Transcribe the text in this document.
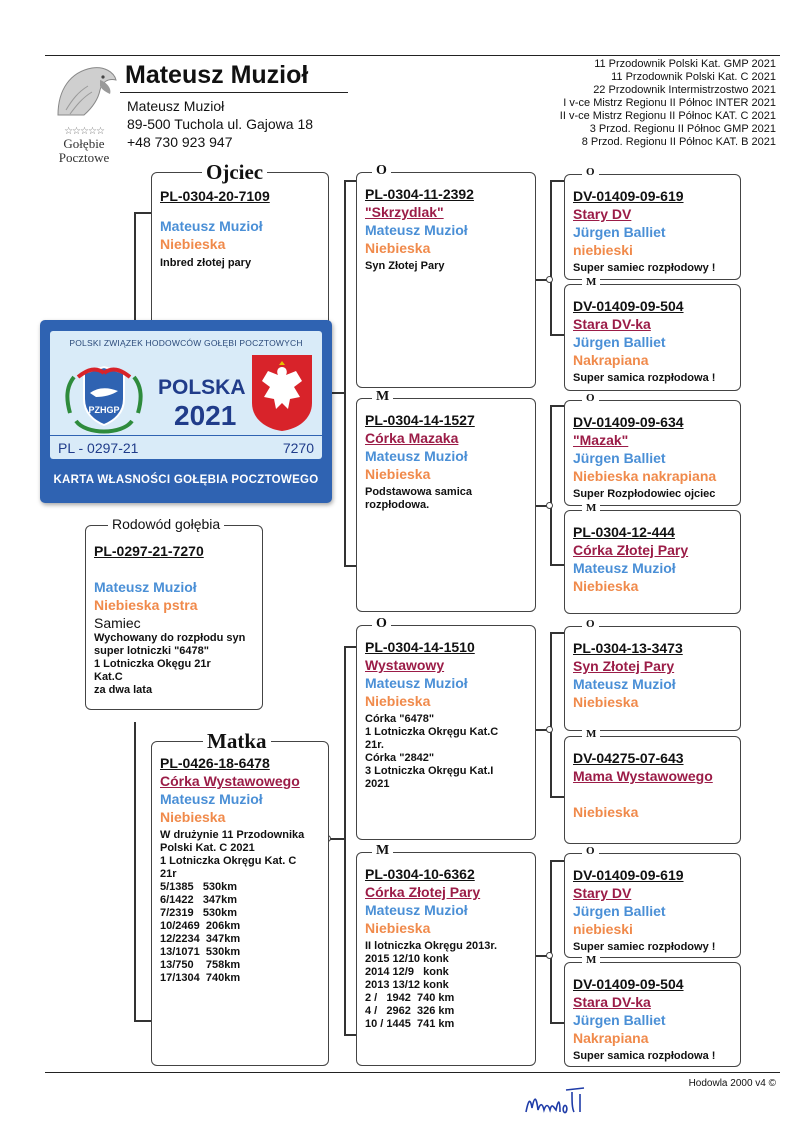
☆☆☆☆☆
Gołębie
Pocztowe
Mateusz Muzioł
Mateusz Muzioł
89-500 Tuchola ul. Gajowa 18
+48 730 923 947
11 Przodownik Polski Kat. GMP 2021
11 Przodownik Polski Kat. C 2021
22 Przodownik Intermistrzostwo 2021
I v-ce Mistrz Regionu II Północ INTER 2021
II v-ce Mistrz Regionu II Północ KAT. C 2021
3 Przod. Regionu II Północ GMP 2021
8 Przod. Regionu II Północ KAT. B 2021
PL-0304-20-7109
Mateusz Muzioł
Niebieska
Inbred złotej pary
Ojciec
POLSKI ZWIĄZEK HODOWCÓW GOŁĘBI POCZTOWYCH
PZHGP
POLSKA
2021
PL - 0297-21	7270
KARTA WŁASNOŚCI GOŁĘBIA POCZTOWEGO
PL-0297-21-7270
Mateusz Muzioł
Niebieska pstra
Samiec
Wychowany do rozpłodu syn
super lotniczki "6478"
1 Lotniczka Okęgu 21r
Kat.C
za dwa lata
Rodowód gołębia
PL-0426-18-6478
Córka Wystawowego
Mateusz Muzioł
Niebieska
W drużynie 11 Przodownika
Polski Kat. C 2021
1 Lotniczka Okręgu Kat. C
21r
5/1385   530km
6/1422   347km
7/2319   530km
10/2469  206km
12/2234  347km
13/1071  530km
13/750    758km
17/1304  740km
Matka
PL-0304-11-2392
"Skrzydlak"
Mateusz Muzioł
Niebieska
Syn Złotej Pary
O
PL-0304-14-1527
Córka Mazaka
Mateusz Muzioł
Niebieska
Podstawowa samica
rozpłodowa.
M
PL-0304-14-1510
Wystawowy
Mateusz Muzioł
Niebieska
Córka "6478"
1 Lotniczka Okręgu Kat.C
21r.
Córka "2842"
3 Lotniczka Okręgu Kat.I
2021
O
PL-0304-10-6362
Córka Złotej Pary
Mateusz Muzioł
Niebieska
II lotniczka Okręgu 2013r.
2015 12/10 konk
2014 12/9   konk
2013 13/12 konk
2 /   1942  740 km
4 /   2962  326 km
10 / 1445  741 km
M
DV-01409-09-619
Stary DV
Jürgen Balliet
niebieski
Super samiec rozpłodowy !
O
DV-01409-09-504
Stara DV-ka
Jürgen Balliet
Nakrapiana
Super samica rozpłodowa !
M
DV-01409-09-634
"Mazak"
Jürgen Balliet
Niebieska nakrapiana
Super Rozpłodowiec ojciec
O
PL-0304-12-444
Córka Złotej Pary
Mateusz Muzioł
Niebieska
M
PL-0304-13-3473
Syn Złotej Pary
Mateusz Muzioł
Niebieska
O
DV-04275-07-643
Mama Wystawowego
Niebieska
M
DV-01409-09-619
Stary DV
Jürgen Balliet
niebieski
Super samiec rozpłodowy !
O
DV-01409-09-504
Stara DV-ka
Jürgen Balliet
Nakrapiana
Super samica rozpłodowa !
M
Hodowla 2000 v4 ©
